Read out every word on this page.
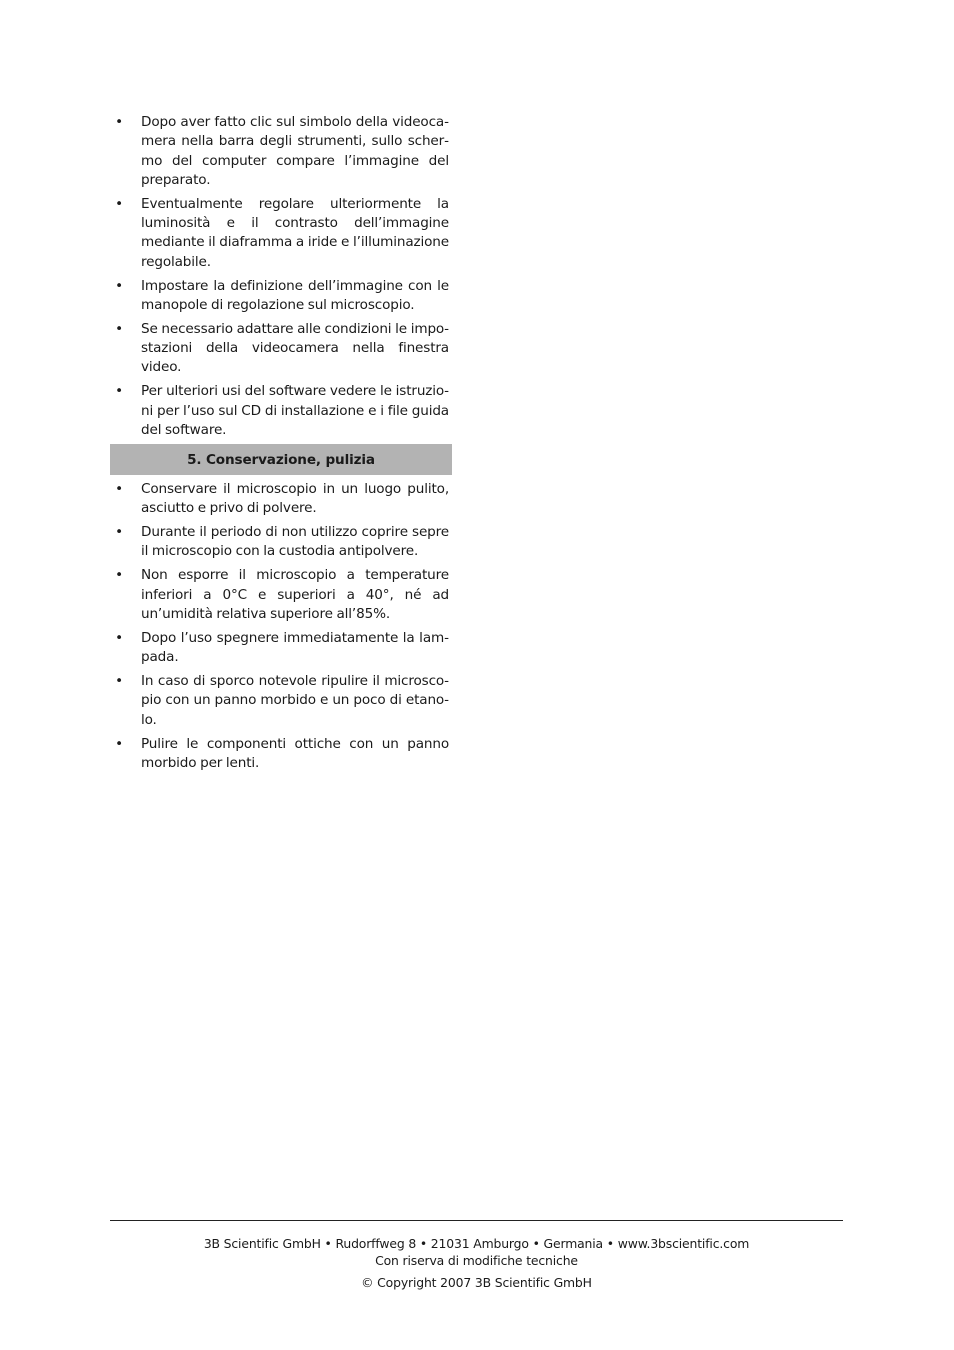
• Dopo aver fatto clic sul simbolo della videocamera nella barra degli strumenti, sullo schermo del computer compare l’immagine del preparato.
• Eventualmente regolare ulteriormente la luminosità e il contrasto dell’immagine mediante il diaframma a iride e l’illuminazione regolabile.
• Impostare la definizione dell’immagine con le manopole di regolazione sul microscopio.
• Se necessario adattare alle condizioni le impostazioni della videocamera nella finestra video.
• Per ulteriori usi del software vedere le istruzioni per l’uso sul CD di installazione e i file guida del software.
5. Conservazione, pulizia
• Conservare il microscopio in un luogo pulito, asciutto e privo di polvere.
• Durante il periodo di non utilizzo coprire sepre il microscopio con la custodia antipolvere.
• Non esporre il microscopio a temperature inferiori a 0°C e superiori a 40°, né ad un’umidità relativa superiore all’85%.
• Dopo l’uso spegnere immediatamente la lampada.
• In caso di sporco notevole ripulire il microscopio con un panno morbido e un poco di etanolo.
• Pulire le componenti ottiche con un panno morbido per lenti.
3B Scientific GmbH • Rudorffweg 8 • 21031 Amburgo • Germania • www.3bscientific.com
Con riserva di modifiche tecniche
© Copyright 2007 3B Scientific GmbH
